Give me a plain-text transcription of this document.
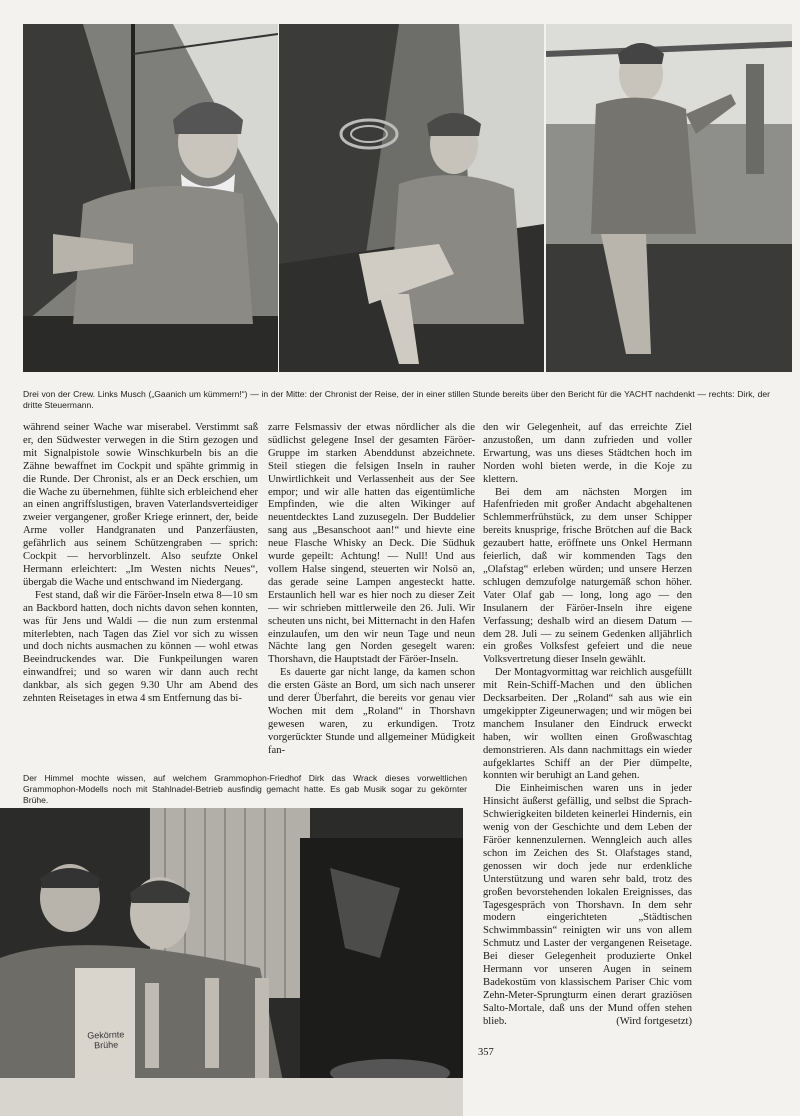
Drei von der Crew. Links Musch („Gaanich um kümmern!“) — in der Mitte: der Chronist der Reise, der in einer stillen Stunde bereits über den Bericht für die YACHT nachdenkt — rechts: Dirk, der dritte Steuermann.

während seiner Wache war miserabel. Verstimmt saß er, den Südwester verwegen in die Stirn gezogen und mit Signalpistole sowie Winschkurbeln bis an die Zähne bewaffnet im Cockpit und spähte grimmig in die Runde. Der Chronist, als er an Deck erschien, um die Wache zu übernehmen, fühlte sich erbleichend eher an einen angriffslustigen, braven Vaterlandsverteidiger zweier vergangener, großer Kriege erinnert, der, beide Arme voller Handgranaten und Panzerfäusten, gefährlich aus seinem Schützengraben — sprich: Cockpit — hervorblinzelt. Also seufzte Onkel Hermann erleichtert: „Im Westen nichts Neues“, übergab die Wache und entschwand im Niedergang.

Fest stand, daß wir die Färöer-Inseln etwa 8—10 sm an Backbord hatten, doch nichts davon sehen konnten, was für Jens und Waldi — die nun zum erstenmal miterlebten, nach Tagen das Ziel vor sich zu wissen und doch nichts ausmachen zu können — wohl etwas Beeindruckendes war. Die Funkpeilungen waren einwandfrei; und so waren wir dann auch recht dankbar, als sich gegen 9.30 Uhr am Abend des zehnten Reisetages in etwa 4 sm Entfernung das bi-

zarre Felsmassiv der etwas nördlicher als die südlichst gelegene Insel der gesamten Färöer-Gruppe im starken Abenddunst abzeichnete. Steil stiegen die felsigen Inseln in rauher Unwirtlichkeit und Verlassenheit aus der See empor; und wir alle hatten das eigentümliche Empfinden, wie die alten Wikinger auf neuentdecktes Land zuzusegeln. Der Buddelier sang aus „Besanschoot aan!“ und hievte eine neue Flasche Whisky an Deck. Die Südhuk wurde gepeilt: Achtung! — Null! Und aus vollem Halse singend, steuerten wir Nolsö an, das gerade seine Lampen angesteckt hatte. Erstaunlich hell war es hier noch zu dieser Zeit — wir schrieben mittlerweile den 26. Juli. Wir scheuten uns nicht, bei Mitternacht in den Hafen einzulaufen, um den wir neun Tage und neun Nächte lang gen Norden gesegelt waren: Thorshavn, die Hauptstadt der Färöer-Inseln.

Es dauerte gar nicht lange, da kamen schon die ersten Gäste an Bord, um sich nach unserer und derer Überfahrt, die bereits vor genau vier Wochen mit dem „Roland“ in Thorshavn gewesen waren, zu erkundigen. Trotz vorgerückter Stunde und allgemeiner Müdigkeit fan-

den wir Gelegenheit, auf das erreichte Ziel anzustoßen, um dann zufrieden und voller Erwartung, was uns dieses Städtchen hoch im Norden wohl bieten werde, in die Koje zu klettern.

Bei dem am nächsten Morgen im Hafenfrieden mit großer Andacht abgehaltenen Schlemmerfrühstück, zu dem unser Schipper bereits knusprige, frische Brötchen auf die Back gezaubert hatte, eröffnete uns Onkel Hermann feierlich, daß wir kommenden Tags den „Olafstag“ erleben würden; und unsere Herzen schlugen demzufolge naturgemäß schon höher. Vater Olaf gab — long, long ago — den Insulanern der Färöer-Inseln ihre eigene Verfassung; deshalb wird an diesem Datum — dem 28. Juli — zu seinem Gedenken alljährlich ein großes Volksfest gefeiert und die neue Volksvertretung dieser Inseln gewählt.

Der Montagvormittag war reichlich ausgefüllt mit Rein-Schiff-Machen und den üblichen Decksarbeiten. Der „Roland“ sah aus wie ein umgekippter Zigeunerwagen; und wir mögen bei manchem Insulaner den Eindruck erweckt haben, wir wollten einen Großwaschtag demonstrieren. Als dann nachmittags ein wieder aufgeklartes Schiff an der Pier dümpelte, konnten wir beruhigt an Land gehen.

Die Einheimischen waren uns in jeder Hinsicht äußerst gefällig, und selbst die Sprach-Schwierigkeiten bildeten keinerlei Hindernis, ein wenig von der Geschichte und dem Leben der Färöer kennenzulernen. Wenngleich auch alles schon im Zeichen des St. Olafstages stand, genossen wir doch jede nur erdenkliche Unterstützung und waren sehr bald, trotz des großen bevorstehenden lokalen Ereignisses, das Tagesgespräch von Thorshavn. In dem sehr modern eingerichteten „Städtischen Schwimmbassin“ reinigten wir uns von allem Schmutz und Laster der vergangenen Reisetage. Bei dieser Gelegenheit produzierte Onkel Hermann vor unseren Augen in seinem Badekostüm von klassischem Pariser Chic vom Zehn-Meter-Sprungturm einen derart graziösen Salto-Mortale, daß uns der Mund offen stehen blieb.	(Wird fortgesetzt)

Der Himmel mochte wissen, auf welchem Grammophon-Friedhof Dirk das Wrack dieses vorweltlichen Grammophon-Modells noch mit Stahlnadel-Betrieb ausfindig gemacht hatte. Es gab Musik sogar zu gekörnter Brühe.
Gekörnte Brühe
357
